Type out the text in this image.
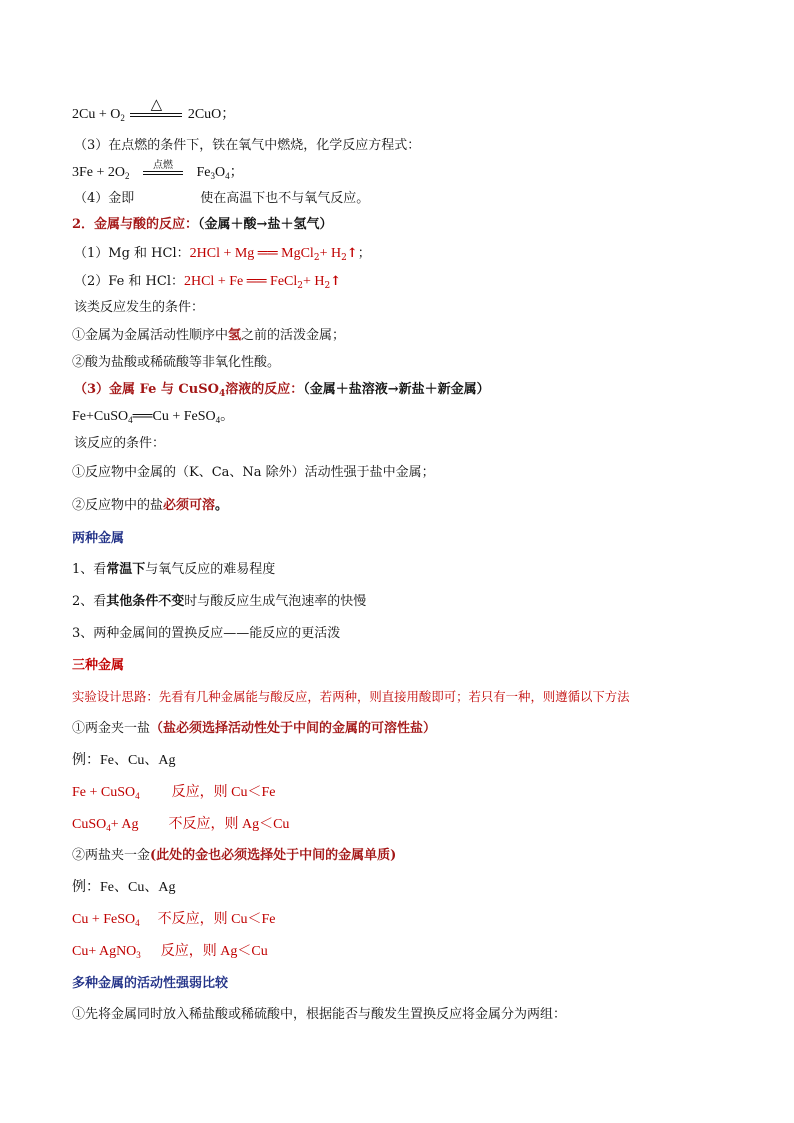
$2Cu + O_2$
△
2CuO；
（3）在点燃的条件下，铁在氧气中燃烧，化学反应方程式：
$3Fe + 2O_2$
点燃 $Fe_3O_4$；
（4）金即	使在高温下也不与氧气反应。
2．金属与酸的反应：（金属＋酸→盐＋氢气）
（1）Mg 和 HCl：2HCl + Mg ══ MgCl$_2$+ $H_2↑$；
（2）Fe 和 HCl：2HCl + Fe ══ FeCl$_2$+ $H_2↑$
该类反应发生的条件：
①金属为金属活动性顺序中氢之前的活泼金属；
②酸为盐酸或稀硫酸等非氧化性酸。
（3）金属 Fe 与 CuSO$_4$溶液的反应：（金属＋盐溶液→新盐＋新金属）
Fe+CuSO$_4$══Cu + FeSO$_4$。
该反应的条件：
①反应物中金属的（K、Ca、Na 除外）活动性强于盐中金属；
②反应物中的盐必须可溶。
两种金属
1、看常温下与氧气反应的难易程度
2、看其他条件不变时与酸反应生成气泡速率的快慢
3、两种金属间的置换反应——能反应的更活泼
三种金属
实验设计思路：先看有几种金属能与酸反应，若两种，则直接用酸即可；若只有一种，则遵循以下方法
①两金夹一盐（盐必须选择活动性处于中间的金属的可溶性盐）
例：Fe、Cu、Ag
Fe + CuSO$_4$ 反应，则 Cu＜Fe
CuSO$_4$+ Ag 不反应，则 Ag＜Cu
②两盐夹一金(此处的金也必须选择处于中间的金属单质)
例：Fe、Cu、Ag
Cu + FeSO$_4$ 不反应，则 Cu＜Fe
Cu+ AgNO$_3$ 反应，则 Ag＜Cu
多种金属的活动性强弱比较
①先将金属同时放入稀盐酸或稀硫酸中，根据能否与酸发生置换反应将金属分为两组：
